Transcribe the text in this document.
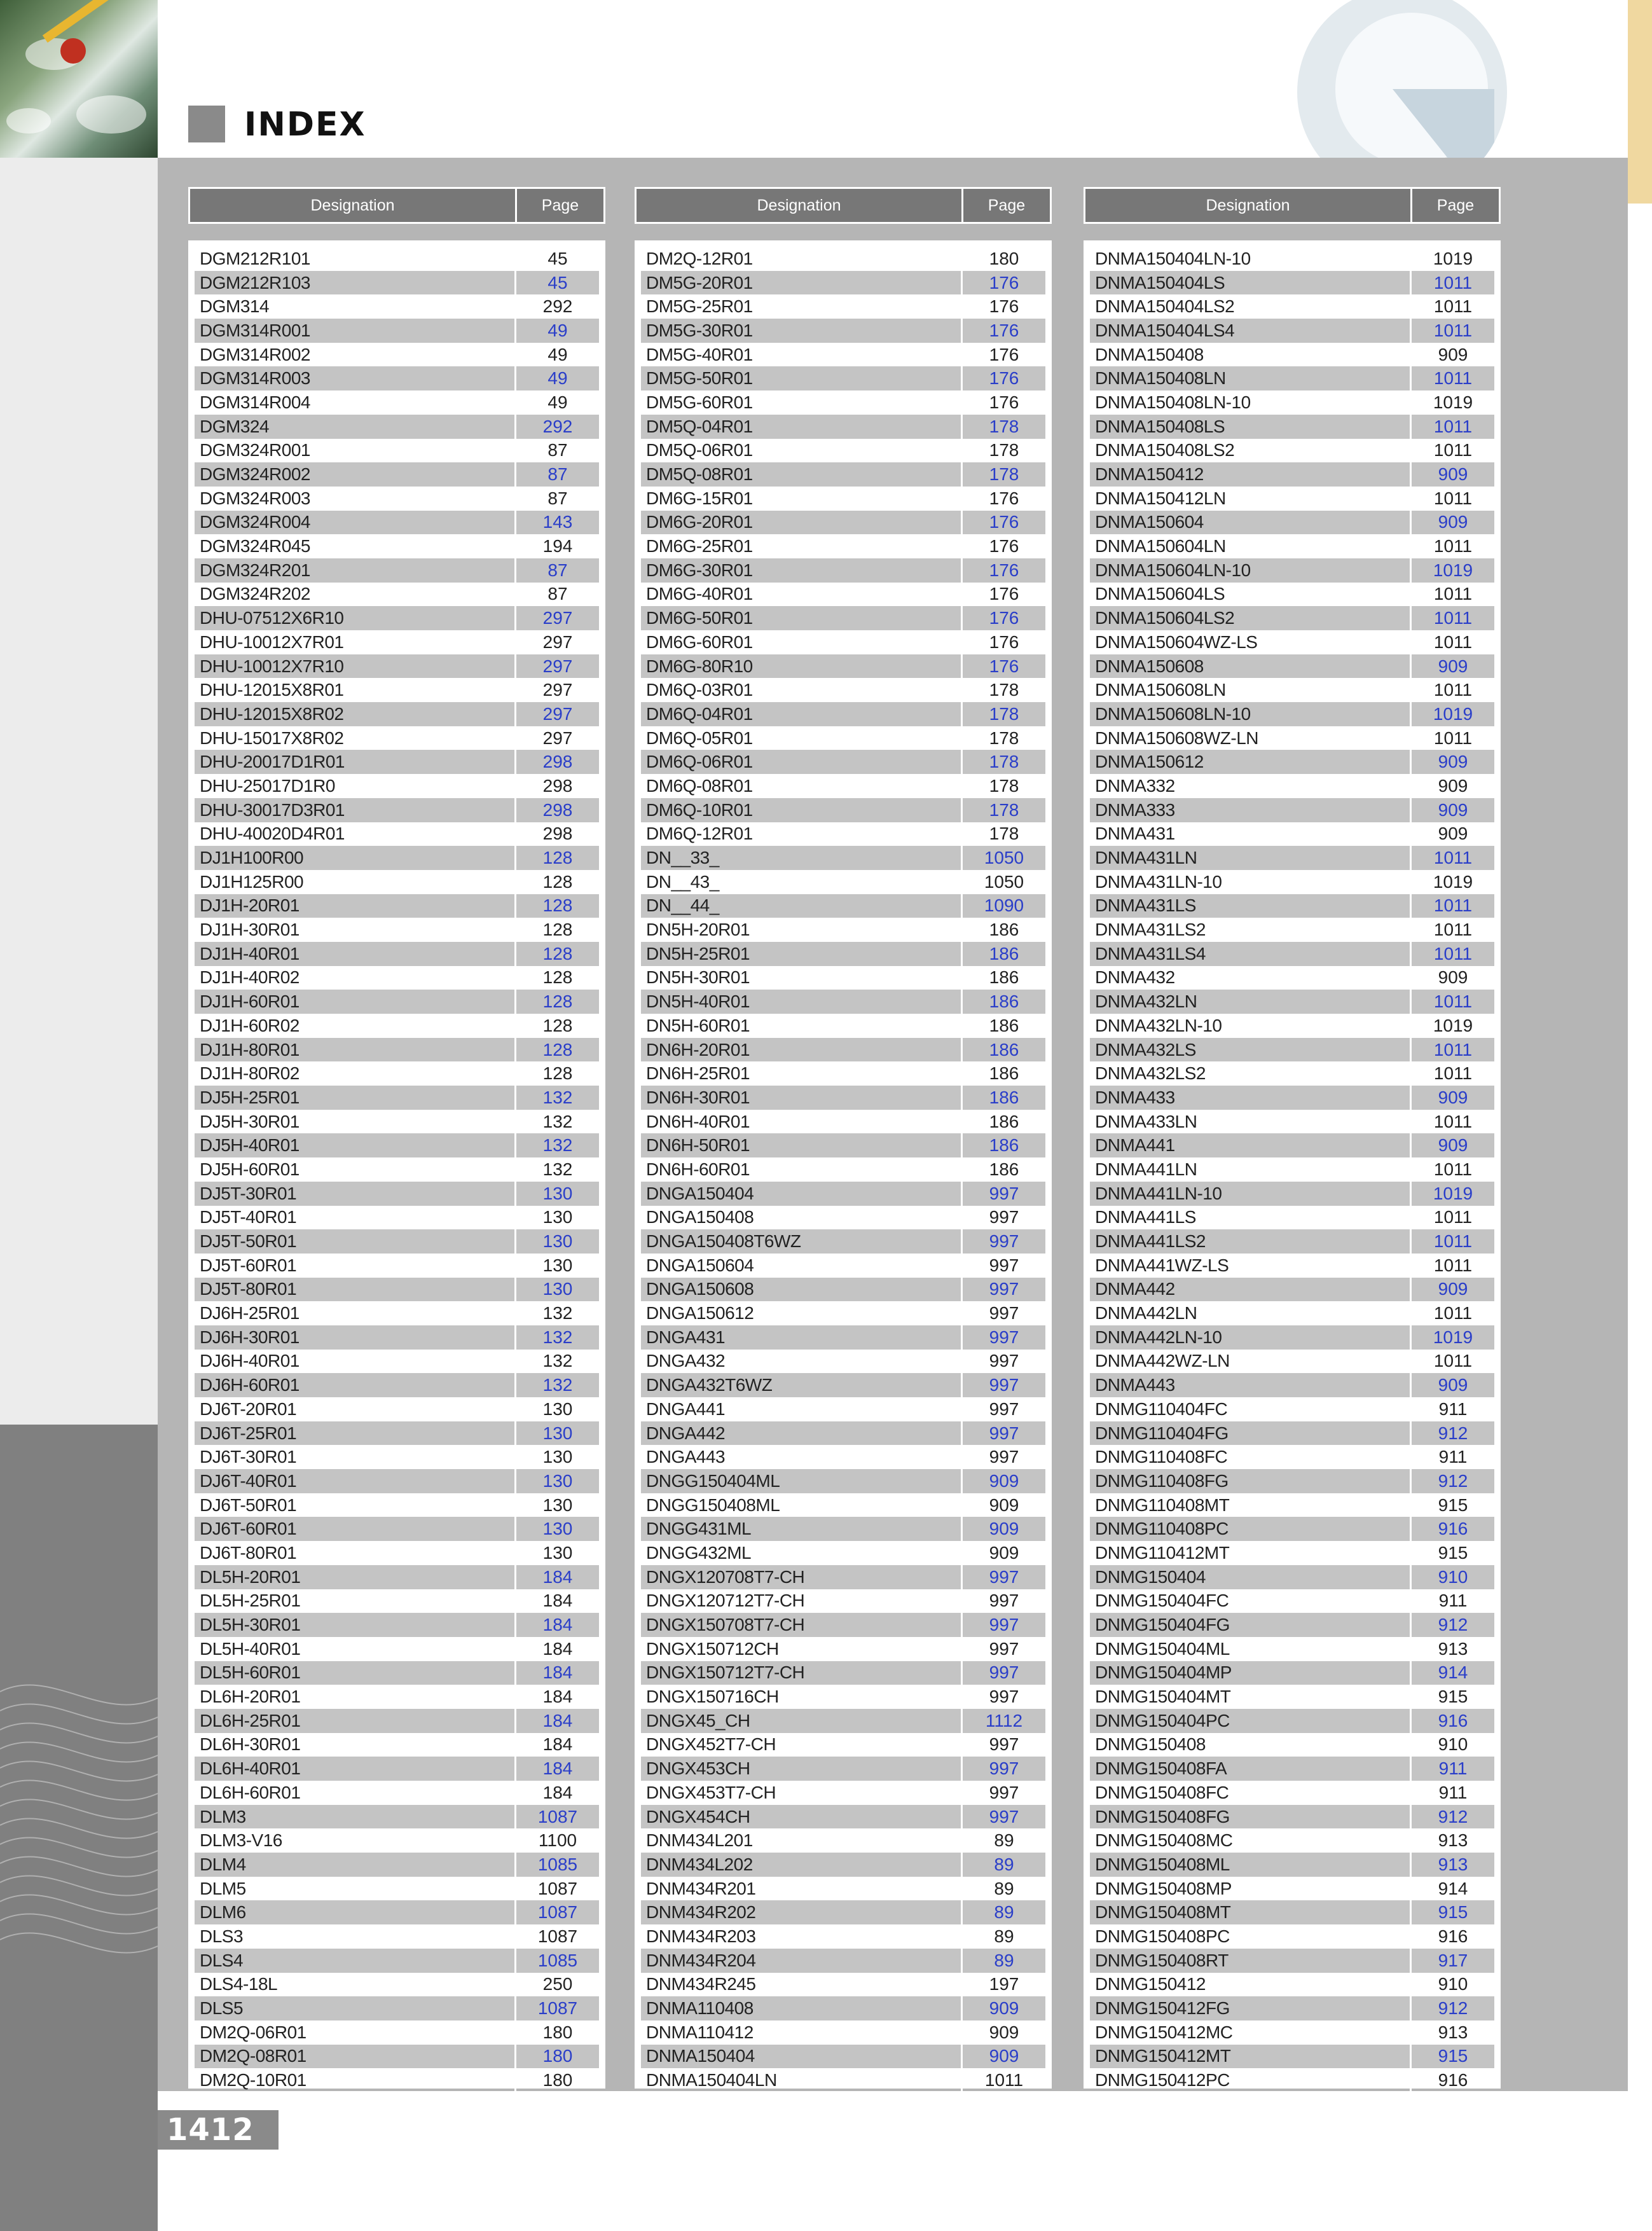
INDEX
Designation	Page
DGM212R101	45
DGM212R103	45
DGM314	292
DGM314R001	49
DGM314R002	49
DGM314R003	49
DGM314R004	49
DGM324	292
DGM324R001	87
DGM324R002	87
DGM324R003	87
DGM324R004	143
DGM324R045	194
DGM324R201	87
DGM324R202	87
DHU-07512X6R10	297
DHU-10012X7R01	297
DHU-10012X7R10	297
DHU-12015X8R01	297
DHU-12015X8R02	297
DHU-15017X8R02	297
DHU-20017D1R01	298
DHU-25017D1R0	298
DHU-30017D3R01	298
DHU-40020D4R01	298
DJ1H100R00	128
DJ1H125R00	128
DJ1H-20R01	128
DJ1H-30R01	128
DJ1H-40R01	128
DJ1H-40R02	128
DJ1H-60R01	128
DJ1H-60R02	128
DJ1H-80R01	128
DJ1H-80R02	128
DJ5H-25R01	132
DJ5H-30R01	132
DJ5H-40R01	132
DJ5H-60R01	132
DJ5T-30R01	130
DJ5T-40R01	130
DJ5T-50R01	130
DJ5T-60R01	130
DJ5T-80R01	130
DJ6H-25R01	132
DJ6H-30R01	132
DJ6H-40R01	132
DJ6H-60R01	132
DJ6T-20R01	130
DJ6T-25R01	130
DJ6T-30R01	130
DJ6T-40R01	130
DJ6T-50R01	130
DJ6T-60R01	130
DJ6T-80R01	130
DL5H-20R01	184
DL5H-25R01	184
DL5H-30R01	184
DL5H-40R01	184
DL5H-60R01	184
DL6H-20R01	184
DL6H-25R01	184
DL6H-30R01	184
DL6H-40R01	184
DL6H-60R01	184
DLM3	1087
DLM3-V16	1100
DLM4	1085
DLM5	1087
DLM6	1087
DLS3	1087
DLS4	1085
DLS4-18L	250
DLS5	1087
DM2Q-06R01	180
DM2Q-08R01	180
DM2Q-10R01	180
Designation	Page
DM2Q-12R01	180
DM5G-20R01	176
DM5G-25R01	176
DM5G-30R01	176
DM5G-40R01	176
DM5G-50R01	176
DM5G-60R01	176
DM5Q-04R01	178
DM5Q-06R01	178
DM5Q-08R01	178
DM6G-15R01	176
DM6G-20R01	176
DM6G-25R01	176
DM6G-30R01	176
DM6G-40R01	176
DM6G-50R01	176
DM6G-60R01	176
DM6G-80R10	176
DM6Q-03R01	178
DM6Q-04R01	178
DM6Q-05R01	178
DM6Q-06R01	178
DM6Q-08R01	178
DM6Q-10R01	178
DM6Q-12R01	178
DN__33_	1050
DN__43_	1050
DN__44_	1090
DN5H-20R01	186
DN5H-25R01	186
DN5H-30R01	186
DN5H-40R01	186
DN5H-60R01	186
DN6H-20R01	186
DN6H-25R01	186
DN6H-30R01	186
DN6H-40R01	186
DN6H-50R01	186
DN6H-60R01	186
DNGA150404	997
DNGA150408	997
DNGA150408T6WZ	997
DNGA150604	997
DNGA150608	997
DNGA150612	997
DNGA431	997
DNGA432	997
DNGA432T6WZ	997
DNGA441	997
DNGA442	997
DNGA443	997
DNGG150404ML	909
DNGG150408ML	909
DNGG431ML	909
DNGG432ML	909
DNGX120708T7-CH	997
DNGX120712T7-CH	997
DNGX150708T7-CH	997
DNGX150712CH	997
DNGX150712T7-CH	997
DNGX150716CH	997
DNGX45_CH	1112
DNGX452T7-CH	997
DNGX453CH	997
DNGX453T7-CH	997
DNGX454CH	997
DNM434L201	89
DNM434L202	89
DNM434R201	89
DNM434R202	89
DNM434R203	89
DNM434R204	89
DNM434R245	197
DNMA110408	909
DNMA110412	909
DNMA150404	909
DNMA150404LN	1011
Designation	Page
DNMA150404LN-10	1019
DNMA150404LS	1011
DNMA150404LS2	1011
DNMA150404LS4	1011
DNMA150408	909
DNMA150408LN	1011
DNMA150408LN-10	1019
DNMA150408LS	1011
DNMA150408LS2	1011
DNMA150412	909
DNMA150412LN	1011
DNMA150604	909
DNMA150604LN	1011
DNMA150604LN-10	1019
DNMA150604LS	1011
DNMA150604LS2	1011
DNMA150604WZ-LS	1011
DNMA150608	909
DNMA150608LN	1011
DNMA150608LN-10	1019
DNMA150608WZ-LN	1011
DNMA150612	909
DNMA332	909
DNMA333	909
DNMA431	909
DNMA431LN	1011
DNMA431LN-10	1019
DNMA431LS	1011
DNMA431LS2	1011
DNMA431LS4	1011
DNMA432	909
DNMA432LN	1011
DNMA432LN-10	1019
DNMA432LS	1011
DNMA432LS2	1011
DNMA433	909
DNMA433LN	1011
DNMA441	909
DNMA441LN	1011
DNMA441LN-10	1019
DNMA441LS	1011
DNMA441LS2	1011
DNMA441WZ-LS	1011
DNMA442	909
DNMA442LN	1011
DNMA442LN-10	1019
DNMA442WZ-LN	1011
DNMA443	909
DNMG110404FC	911
DNMG110404FG	912
DNMG110408FC	911
DNMG110408FG	912
DNMG110408MT	915
DNMG110408PC	916
DNMG110412MT	915
DNMG150404	910
DNMG150404FC	911
DNMG150404FG	912
DNMG150404ML	913
DNMG150404MP	914
DNMG150404MT	915
DNMG150404PC	916
DNMG150408	910
DNMG150408FA	911
DNMG150408FC	911
DNMG150408FG	912
DNMG150408MC	913
DNMG150408ML	913
DNMG150408MP	914
DNMG150408MT	915
DNMG150408PC	916
DNMG150408RT	917
DNMG150412	910
DNMG150412FG	912
DNMG150412MC	913
DNMG150412MT	915
DNMG150412PC	916
1412
